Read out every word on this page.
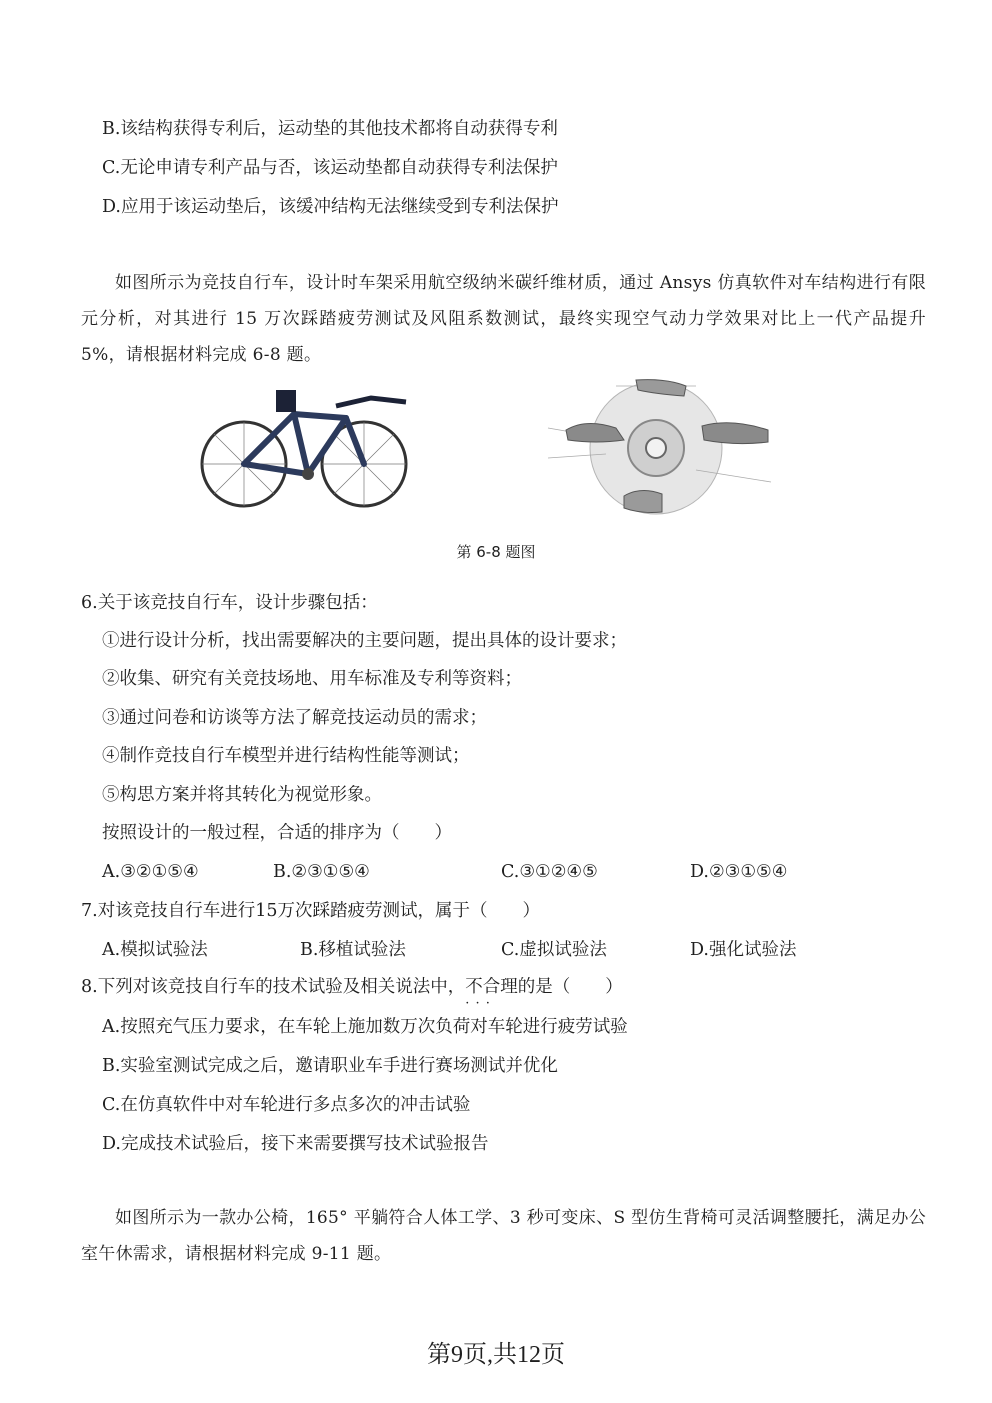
B.该结构获得专利后，运动垫的其他技术都将自动获得专利
C.无论申请专利产品与否，该运动垫都自动获得专利法保护
D.应用于该运动垫后，该缓冲结构无法继续受到专利法保护
如图所示为竞技自行车，设计时车架采用航空级纳米碳纤维材质，通过 Ansys 仿真软件对车结构进行有限元分析，对其进行 15 万次踩踏疲劳测试及风阻系数测试，最终实现空气动力学效果对比上一代产品提升 5%，请根据材料完成 6-8 题。
第 6-8 题图
6.关于该竞技自行车，设计步骤包括：
①进行设计分析，找出需要解决的主要问题，提出具体的设计要求；
②收集、研究有关竞技场地、用车标准及专利等资料；
③通过问卷和访谈等方法了解竞技运动员的需求；
④制作竞技自行车模型并进行结构性能等测试；
⑤构思方案并将其转化为视觉形象。
按照设计的一般过程，合适的排序为（　　）
A.③②①⑤④	B.②③①⑤④	C.③①②④⑤	D.②③①⑤④
7.对该竞技自行车进行15万次踩踏疲劳测试，属于（　　）
A.模拟试验法	B.移植试验法	C.虚拟试验法	D.强化试验法
8.下列对该竞技自行车的技术试验及相关说法中，不合理 · · ·的是（　　）
A.按照充气压力要求，在车轮上施加数万次负荷对车轮进行疲劳试验
B.实验室测试完成之后，邀请职业车手进行赛场测试并优化
C.在仿真软件中对车轮进行多点多次的冲击试验
D.完成技术试验后，接下来需要撰写技术试验报告
如图所示为一款办公椅，165° 平躺符合人体工学、3 秒可变床、S 型仿生背椅可灵活调整腰托，满足办公室午休需求，请根据材料完成 9-11 题。
第9页,共12页
